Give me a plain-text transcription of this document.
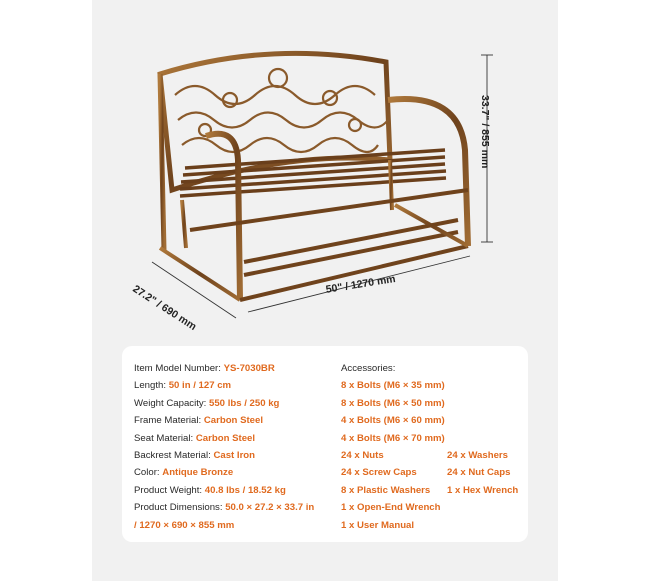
33.7" / 855 mm
50" / 1270 mm
27.2" / 690 mm
Item Model Number: YS-7030BR
Length: 50 in / 127 cm
Weight Capacity: 550 lbs / 250 kg
Frame Material: Carbon Steel
Seat Material: Carbon Steel
Backrest Material: Cast Iron
Color: Antique Bronze
Product Weight: 40.8 lbs / 18.52 kg
Product Dimensions: 50.0 × 27.2 × 33.7 in
/ 1270 × 690 × 855 mm
Accessories:
8 x Bolts (M6 × 35 mm)
8 x Bolts (M6 × 50 mm)
4 x Bolts (M6 × 60 mm)
4 x Bolts (M6 × 70 mm)
24 x Nuts	24 x Washers
24 x Screw Caps	24 x Nut Caps
8 x Plastic Washers	1 x Hex Wrench
1 x Open-End Wrench
1 x User Manual
